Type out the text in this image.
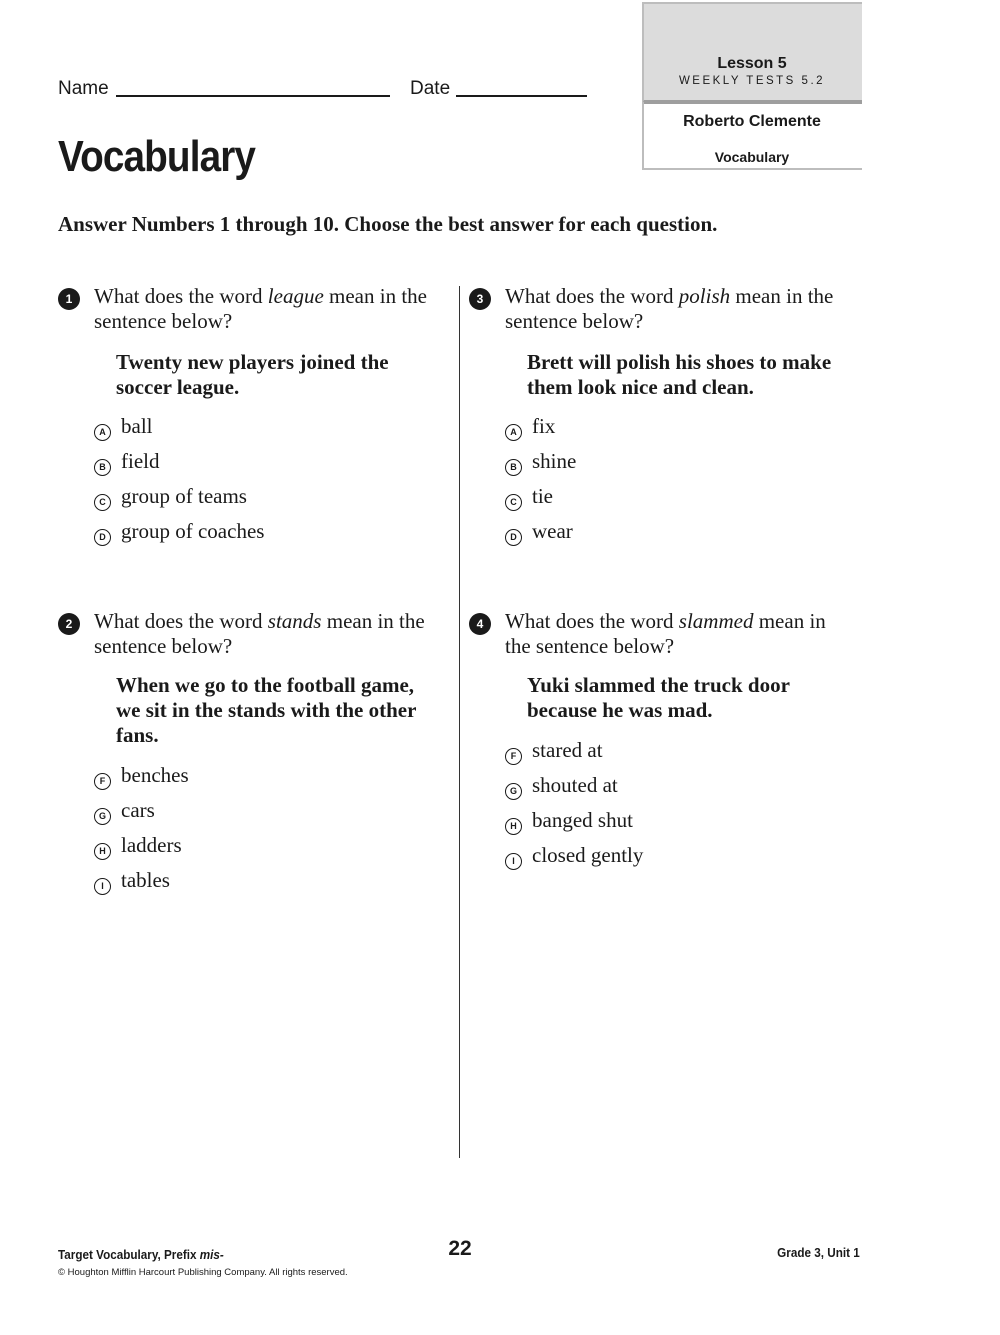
Name	Date
Lesson 5
WEEKLY TESTS 5.2
Roberto Clemente
Vocabulary
Vocabulary
Answer Numbers 1 through 10. Choose the best answer for each question.
1	What does the word league mean in the sentence below?
Twenty new players joined the soccer league.
A ball
B field
C group of teams
D group of coaches
2	What does the word stands mean in the sentence below?
When we go to the football game, we sit in the stands with the other fans.
F benches
G cars
H ladders
I tables
3	What does the word polish mean in the sentence below?
Brett will polish his shoes to make them look nice and clean.
A fix
B shine
C tie
D wear
4	What does the word slammed mean in the sentence below?
Yuki slammed the truck door because he was mad.
F stared at
G shouted at
H banged shut
I closed gently
Target Vocabulary, Prefix mis-
© Houghton Mifflin Harcourt Publishing Company. All rights reserved.
22	Grade 3, Unit 1
